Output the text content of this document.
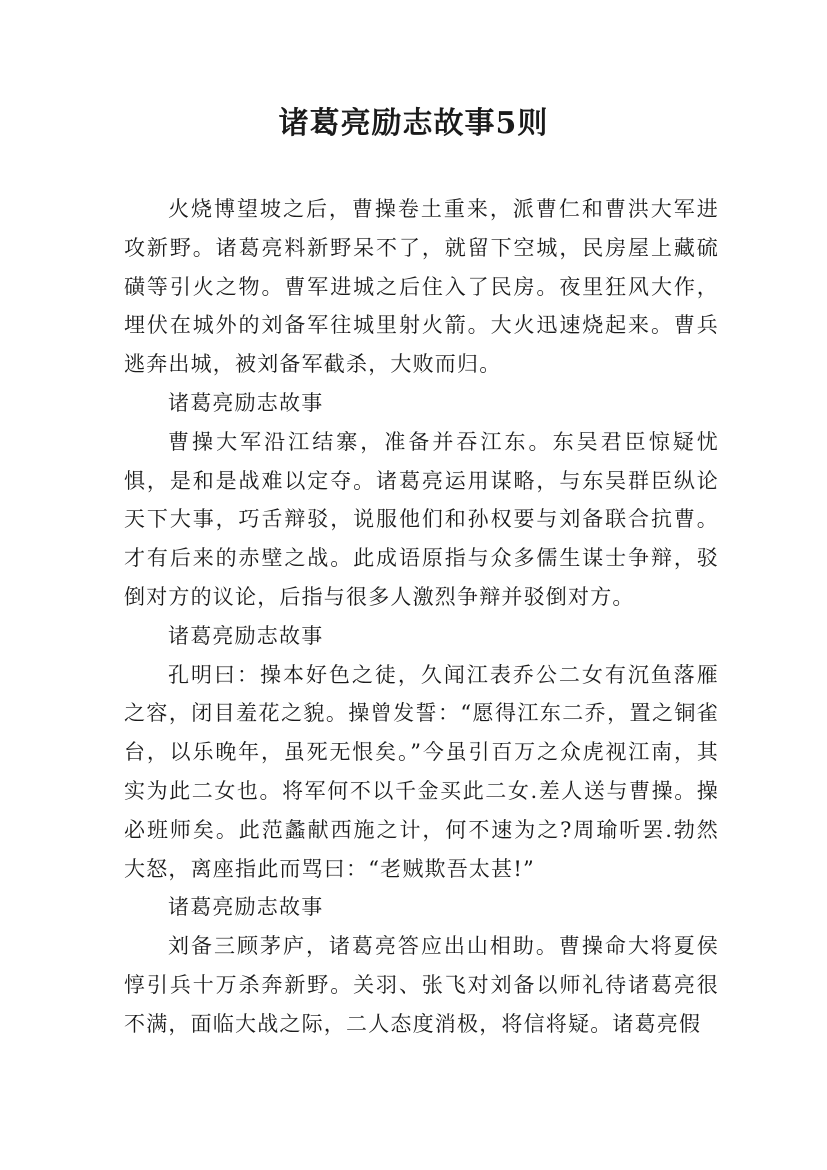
诸葛亮励志故事5则

火烧博望坡之后，曹操卷土重来，派曹仁和曹洪大军进攻新野。诸葛亮料新野呆不了，就留下空城，民房屋上藏硫磺等引火之物。曹军进城之后住入了民房。夜里狂风大作，埋伏在城外的刘备军往城里射火箭。大火迅速烧起来。曹兵逃奔出城，被刘备军截杀，大败而归。

诸葛亮励志故事

曹操大军沿江结寨，准备并吞江东。东吴君臣惊疑忧惧，是和是战难以定夺。诸葛亮运用谋略，与东吴群臣纵论天下大事，巧舌辩驳，说服他们和孙权要与刘备联合抗曹。才有后来的赤壁之战。此成语原指与众多儒生谋士争辩，驳倒对方的议论，后指与很多人激烈争辩并驳倒对方。

诸葛亮励志故事

孔明曰：操本好色之徒，久闻江表乔公二女有沉鱼落雁之容，闭目羞花之貌。操曾发誓：“愿得江东二乔，置之铜雀台，以乐晚年，虽死无恨矣。”今虽引百万之众虎视江南，其实为此二女也。将军何不以千金买此二女.差人送与曹操。操必班师矣。此范蠡献西施之计，何不速为之?周瑜听罢.勃然大怒，离座指此而骂曰：“老贼欺吾太甚!”

诸葛亮励志故事

刘备三顾茅庐，诸葛亮答应出山相助。曹操命大将夏侯惇引兵十万杀奔新野。关羽、张飞对刘备以师礼待诸葛亮很不满，面临大战之际，二人态度消极，将信将疑。诸葛亮假
